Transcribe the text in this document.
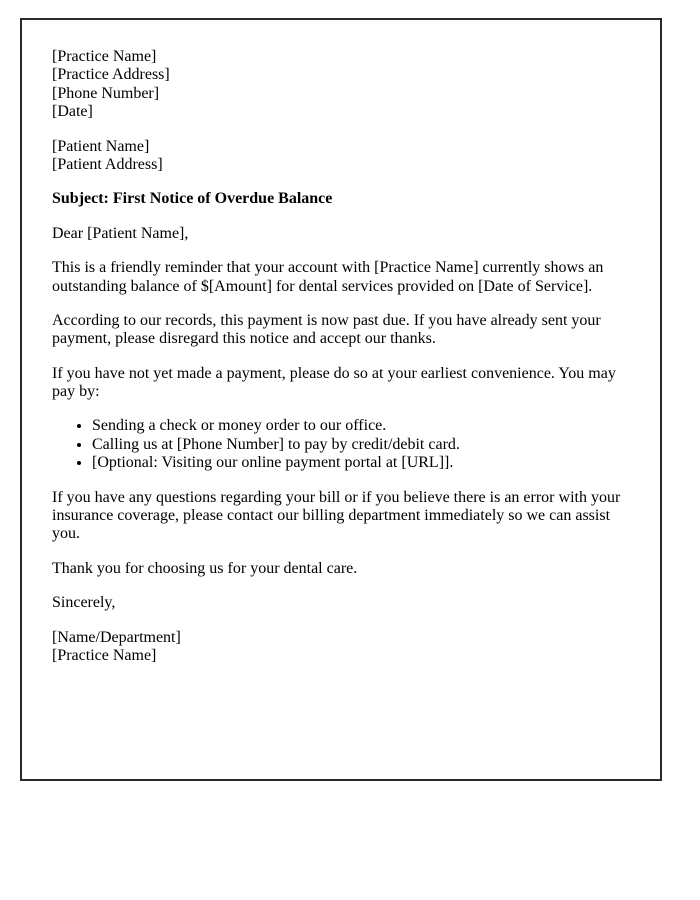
[Practice Name]
[Practice Address]
[Phone Number]
[Date]

[Patient Name]
[Patient Address]

Subject: First Notice of Overdue Balance

Dear [Patient Name],

This is a friendly reminder that your account with [Practice Name] currently shows an outstanding balance of $[Amount] for dental services provided on [Date of Service].

According to our records, this payment is now past due. If you have already sent your payment, please disregard this notice and accept our thanks.

If you have not yet made a payment, please do so at your earliest convenience. You may pay by:

• Sending a check or money order to our office.
• Calling us at [Phone Number] to pay by credit/debit card.
• [Optional: Visiting our online payment portal at [URL]].

If you have any questions regarding your bill or if you believe there is an error with your insurance coverage, please contact our billing department immediately so we can assist you.

Thank you for choosing us for your dental care.

Sincerely,

[Name/Department]
[Practice Name]
